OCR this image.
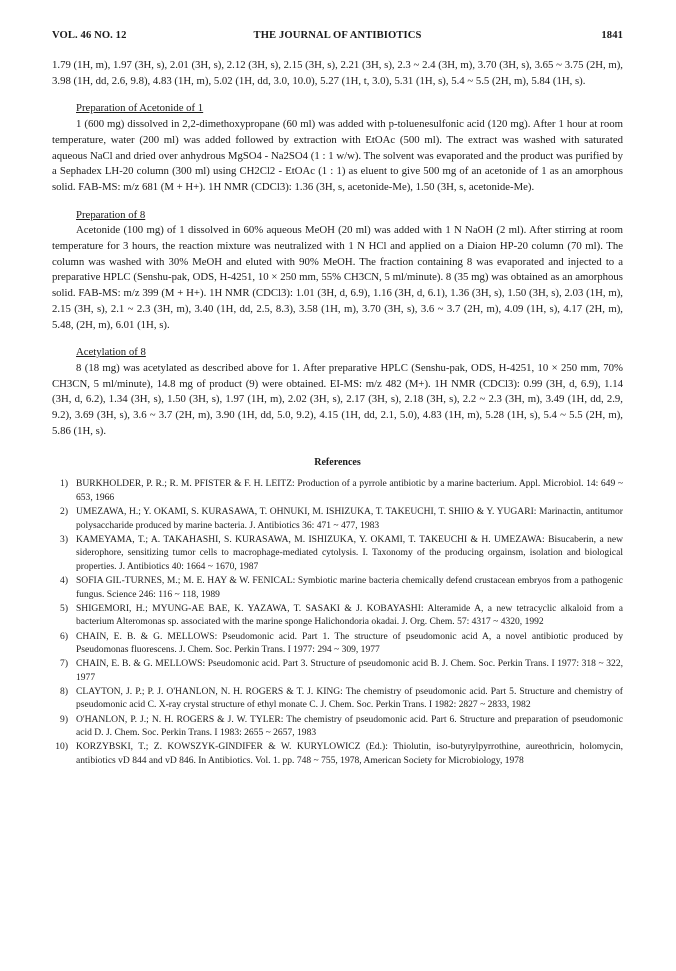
VOL. 46 NO. 12	THE JOURNAL OF ANTIBIOTICS	1841

1.79 (1H, m), 1.97 (3H, s), 2.01 (3H, s), 2.12 (3H, s), 2.15 (3H, s), 2.21 (3H, s), 2.3 ~ 2.4 (3H, m), 3.70 (3H, s), 3.65 ~ 3.75 (2H, m), 3.98 (1H, dd, 2.6, 9.8), 4.83 (1H, m), 5.02 (1H, dd, 3.0, 10.0), 5.27 (1H, t, 3.0), 5.31 (1H, s), 5.4 ~ 5.5 (2H, m), 5.84 (1H, s).

Preparation of Acetonide of 1

1 (600 mg) dissolved in 2,2-dimethoxypropane (60 ml) was added with p-toluenesulfonic acid (120 mg). After 1 hour at room temperature, water (200 ml) was added followed by extraction with EtOAc (500 ml). The extract was washed with saturated aqueous NaCl and dried over anhydrous MgSO4 - Na2SO4 (1 : 1 w/w). The solvent was evaporated and the product was purified by a Sephadex LH-20 column (300 ml) using CH2Cl2 - EtOAc (1 : 1) as eluent to give 500 mg of an acetonide of 1 as an amorphous solid. FAB-MS: m/z 681 (M + H+). 1H NMR (CDCl3): 1.36 (3H, s, acetonide-Me), 1.50 (3H, s, acetonide-Me).

Preparation of 8

Acetonide (100 mg) of 1 dissolved in 60% aqueous MeOH (20 ml) was added with 1 N NaOH (2 ml). After stirring at room temperature for 3 hours, the reaction mixture was neutralized with 1 N HCl and applied on a Diaion HP-20 column (70 ml). The column was washed with 30% MeOH and eluted with 90% MeOH. The fraction containing 8 was evaporated and injected to a preparative HPLC (Senshu-pak, ODS, H-4251, 10 × 250 mm, 55% CH3CN, 5 ml/minute). 8 (35 mg) was obtained as an amorphous solid. FAB-MS: m/z 399 (M + H+). 1H NMR (CDCl3): 1.01 (3H, d, 6.9), 1.16 (3H, d, 6.1), 1.36 (3H, s), 1.50 (3H, s), 2.03 (1H, m), 2.15 (3H, s), 2.1 ~ 2.3 (3H, m), 3.40 (1H, dd, 2.5, 8.3), 3.58 (1H, m), 3.70 (3H, s), 3.6 ~ 3.7 (2H, m), 4.09 (1H, s), 4.17 (2H, m), 5.48, (2H, m), 6.01 (1H, s).

Acetylation of 8

8 (18 mg) was acetylated as described above for 1. After preparative HPLC (Senshu-pak, ODS, H-4251, 10 × 250 mm, 70% CH3CN, 5 ml/minute), 14.8 mg of product (9) were obtained. EI-MS: m/z 482 (M+). 1H NMR (CDCl3): 0.99 (3H, d, 6.9), 1.14 (3H, d, 6.2), 1.34 (3H, s), 1.50 (3H, s), 1.97 (1H, m), 2.02 (3H, s), 2.17 (3H, s), 2.18 (3H, s), 2.2 ~ 2.3 (3H, m), 3.49 (1H, dd, 2.9, 9.2), 3.69 (3H, s), 3.6 ~ 3.7 (2H, m), 3.90 (1H, dd, 5.0, 9.2), 4.15 (1H, dd, 2.1, 5.0), 4.83 (1H, m), 5.28 (1H, s), 5.4 ~ 5.5 (2H, m), 5.86 (1H, s).

References
1) BURKHOLDER, P. R.; R. M. PFISTER & F. H. LEITZ: Production of a pyrrole antibiotic by a marine bacterium. Appl. Microbiol. 14: 649 ~ 653, 1966
2) UMEZAWA, H.; Y. OKAMI, S. KURASAWA, T. OHNUKI, M. ISHIZUKA, T. TAKEUCHI, T. SHIIO & Y. YUGARI: Marinactin, antitumor polysaccharide produced by marine bacteria. J. Antibiotics 36: 471 ~ 477, 1983
3) KAMEYAMA, T.; A. TAKAHASHI, S. KURASAWA, M. ISHIZUKA, Y. OKAMI, T. TAKEUCHI & H. UMEZAWA: Bisucaberin, a new siderophore, sensitizing tumor cells to macrophage-mediated cytolysis. I. Taxonomy of the producing orgainsm, isolation and biological properties. J. Antibiotics 40: 1664 ~ 1670, 1987
4) SOFIA GIL-TURNES, M.; M. E. HAY & W. FENICAL: Symbiotic marine bacteria chemically defend crustacean embryos from a pathogenic fungus. Science 246: 116 ~ 118, 1989
5) SHIGEMORI, H.; MYUNG-AE BAE, K. YAZAWA, T. SASAKI & J. KOBAYASHI: Alteramide A, a new tetracyclic alkaloid from a bacterium Alteromonas sp. associated with the marine sponge Halichondoria okadai. J. Org. Chem. 57: 4317 ~ 4320, 1992
6) CHAIN, E. B. & G. MELLOWS: Pseudomonic acid. Part 1. The structure of pseudomonic acid A, a novel antibiotic produced by Pseudomonas fluorescens. J. Chem. Soc. Perkin Trans. I 1977: 294 ~ 309, 1977
7) CHAIN, E. B. & G. MELLOWS: Pseudomonic acid. Part 3. Structure of pseudomonic acid B. J. Chem. Soc. Perkin Trans. I 1977: 318 ~ 322, 1977
8) CLAYTON, J. P.; P. J. O'HANLON, N. H. ROGERS & T. J. KING: The chemistry of pseudomonic acid. Part 5. Structure and chemistry of pseudomonic acid C. X-ray crystal structure of ethyl monate C. J. Chem. Soc. Perkin Trans. I 1982: 2827 ~ 2833, 1982
9) O'HANLON, P. J.; N. H. ROGERS & J. W. TYLER: The chemistry of pseudomonic acid. Part 6. Structure and preparation of pseudomonic acid D. J. Chem. Soc. Perkin Trans. I 1983: 2655 ~ 2657, 1983
10) KORZYBSKI, T.; Z. KOWSZYK-GINDIFER & W. KURYLOWICZ (Ed.): Thiolutin, iso-butyrylpyrrothine, aureothricin, holomycin, antibiotics vD 844 and vD 846. In Antibiotics. Vol. 1. pp. 748 ~ 755, 1978, American Society for Microbiology, 1978
